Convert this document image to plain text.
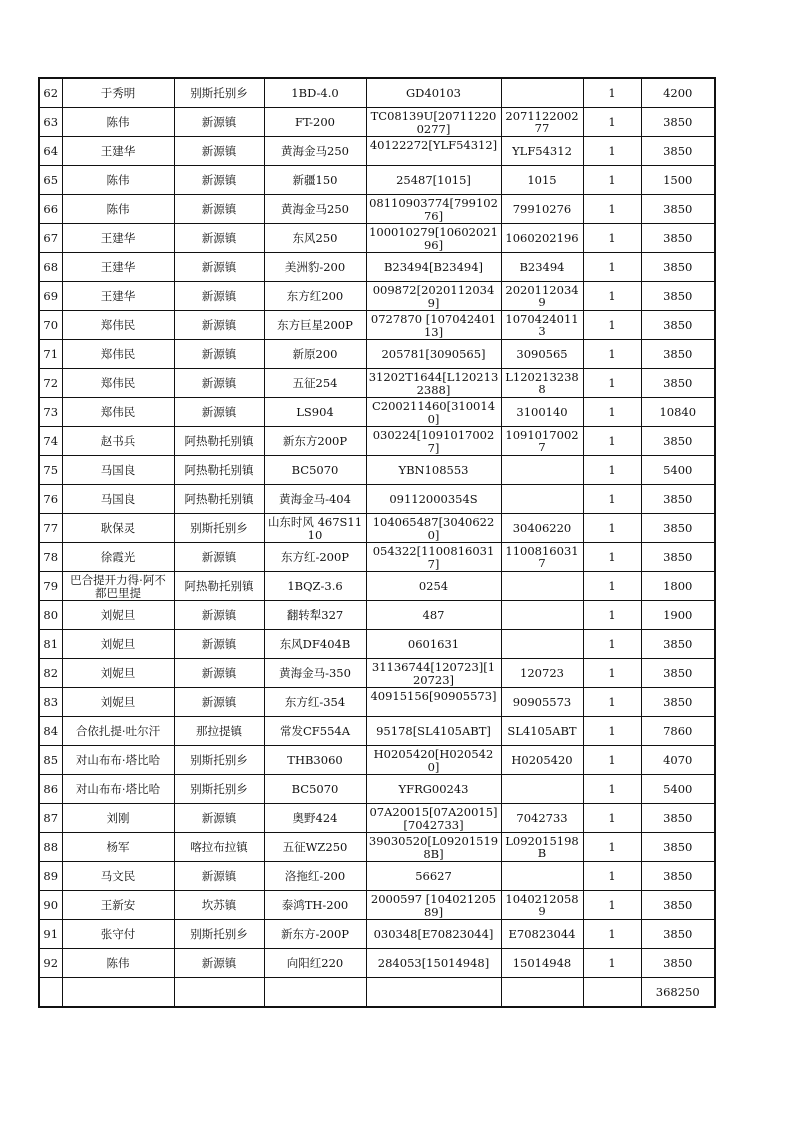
62	于秀明	别斯托别乡	1BD-4.0	GD40103		1	4200
63	陈伟	新源镇	FT-200	TC08139U[207112200277]	207112200277	1	3850
64	王建华	新源镇	黄海金马250	40122272[YLF54312]	YLF54312	1	3850
65	陈伟	新源镇	新疆150	25487[1015]	1015	1	1500
66	陈伟	新源镇	黄海金马250	08110903774[79910276]	79910276	1	3850
67	王建华	新源镇	东风250	100010279[1060202196]	1060202196	1	3850
68	王建华	新源镇	美洲豹-200	B23494[B23494]	B23494	1	3850
69	王建华	新源镇	东方红200	009872[20201120349]	20201120349	1	3850
70	郑伟民	新源镇	东方巨星200P	0727870 [10704240113]	10704240113	1	3850
71	郑伟民	新源镇	新原200	205781[3090565]	3090565	1	3850
72	郑伟民	新源镇	五征254	31202T1644[L1202132388]	L1202132388	1	3850
73	郑伟民	新源镇	LS904	C200211460[3100140]	3100140	1	10840
74	赵书兵	阿热勒托别镇	新东方200P	030224[10910170027]	10910170027	1	3850
75	马国良	阿热勒托别镇	BC5070	YBN108553		1	5400
76	马国良	阿热勒托别镇	黄海金马-404	09112000354S		1	3850
77	耿保灵	别斯托别乡	山东时风 467S1110	104065487[30406220]	30406220	1	3850
78	徐霞光	新源镇	东方红-200P	054322[11008160317]	11008160317	1	3850
79	巴合提开力得·阿不都巴里提	阿热勒托别镇	1BQZ-3.6	0254		1	1800
80	刘妮旦	新源镇	翻转犁327	487		1	1900
81	刘妮旦	新源镇	东风DF404B	0601631		1	3850
82	刘妮旦	新源镇	黄海金马-350	31136744[120723][120723]	120723	1	3850
83	刘妮旦	新源镇	东方红-354	40915156[90905573]	90905573	1	3850
84	合依扎提·吐尔汗	那拉提镇	常发CF554A	95178[SL4105ABT]	SL4105ABT	1	7860
85	对山布布·塔比哈	别斯托别乡	THB3060	H0205420[H0205420]	H0205420	1	4070
86	对山布布·塔比哈	别斯托别乡	BC5070	YFRG00243		1	5400
87	刘刚	新源镇	奥野424	07A20015[07A20015][7042733]	7042733	1	3850
88	杨军	喀拉布拉镇	五征WZ250	39030520[L092015198B]	L092015198B	1	3850
89	马文民	新源镇	洛拖红-200	56627		1	3850
90	王新安	坎苏镇	泰鸿TH-200	2000597 [10402120589]	10402120589	1	3850
91	张守付	别斯托别乡	新东方-200P	030348[E70823044]	E70823044	1	3850
92	陈伟	新源镇	向阳红220	284053[15014948]	15014948	1	3850
							368250
